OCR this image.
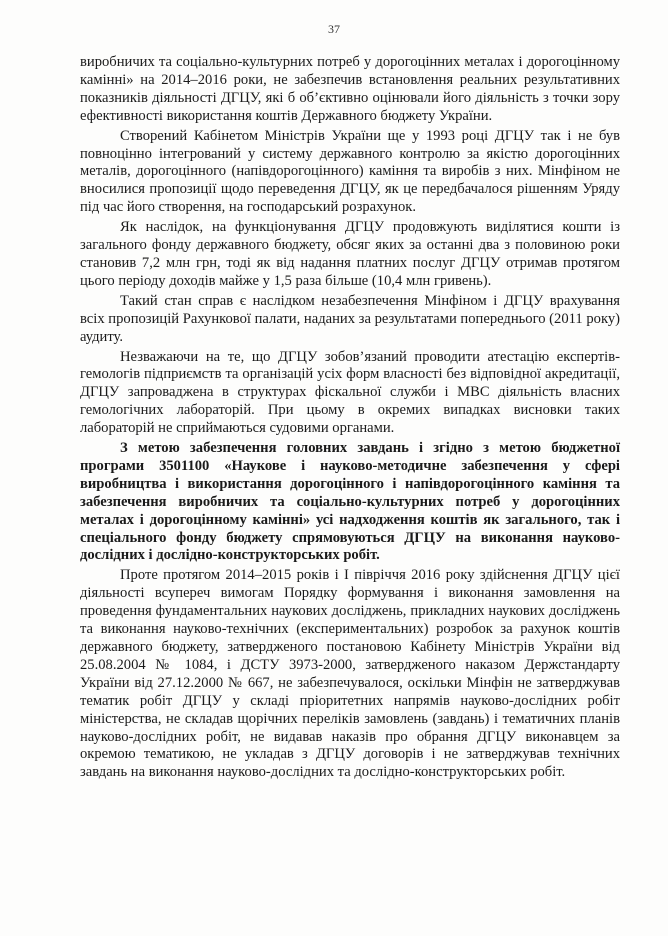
37

виробничих та соціально-культурних потреб у дорогоцінних металах і дорогоцінному камінні» на 2014–2016 роки, не забезпечив встановлення реальних результативних показників діяльності ДГЦУ, які б об’єктивно оцінювали його діяльність з точки зору ефективності використання коштів Державного бюджету України.

Створений Кабінетом Міністрів України ще у 1993 році ДГЦУ так і не був повноцінно інтегрований у систему державного контролю за якістю дорогоцінних металів, дорогоцінного (напівдорогоцінного) каміння та виробів з них. Мінфіном не вносилися пропозиції щодо переведення ДГЦУ, як це передбачалося рішенням Уряду під час його створення, на господарський розрахунок.

Як наслідок, на функціонування ДГЦУ продовжують виділятися кошти із загального фонду державного бюджету, обсяг яких за останні два з половиною роки становив 7,2 млн грн, тоді як від надання платних послуг ДГЦУ отримав протягом цього періоду доходів майже у 1,5 раза більше (10,4 млн гривень).

Такий стан справ є наслідком незабезпечення Мінфіном і ДГЦУ врахування всіх пропозицій Рахункової палати, наданих за результатами попереднього (2011 року) аудиту.

Незважаючи на те, що ДГЦУ зобов’язаний проводити атестацію експертів-гемологів підприємств та організацій усіх форм власності без відповідної акредитації, ДГЦУ запроваджена в структурах фіскальної служби і МВС діяльність власних гемологічних лабораторій. При цьому в окремих випадках висновки таких лабораторій не сприймаються судовими органами.

З метою забезпечення головних завдань і згідно з метою бюджетної програми 3501100 «Наукове і науково-методичне забезпечення у сфері виробництва і використання дорогоцінного і напівдорогоцінного каміння та забезпечення виробничих та соціально-культурних потреб у дорогоцінних металах і дорогоцінному камінні» усі надходження коштів як загального, так і спеціального фонду бюджету спрямовуються ДГЦУ на виконання науково-дослідних і дослідно-конструкторських робіт.

Проте протягом 2014–2015 років і I півріччя 2016 року здійснення ДГЦУ цієї діяльності всупереч вимогам Порядку формування і виконання замовлення на проведення фундаментальних наукових досліджень, прикладних наукових досліджень та виконання науково-технічних (експериментальних) розробок за рахунок коштів державного бюджету, затвердженого постановою Кабінету Міністрів України від 25.08.2004 № 1084, і ДСТУ 3973-2000, затвердженого наказом Держстандарту України від 27.12.2000 № 667, не забезпечувалося, оскільки Мінфін не затверджував тематик робіт ДГЦУ у складі пріоритетних напрямів науково-дослідних робіт міністерства, не складав щорічних переліків замовлень (завдань) і тематичних планів науково-дослідних робіт, не видавав наказів про обрання ДГЦУ виконавцем за окремою тематикою, не укладав з ДГЦУ договорів і не затверджував технічних завдань на виконання науково-дослідних та дослідно-конструкторських робіт.
